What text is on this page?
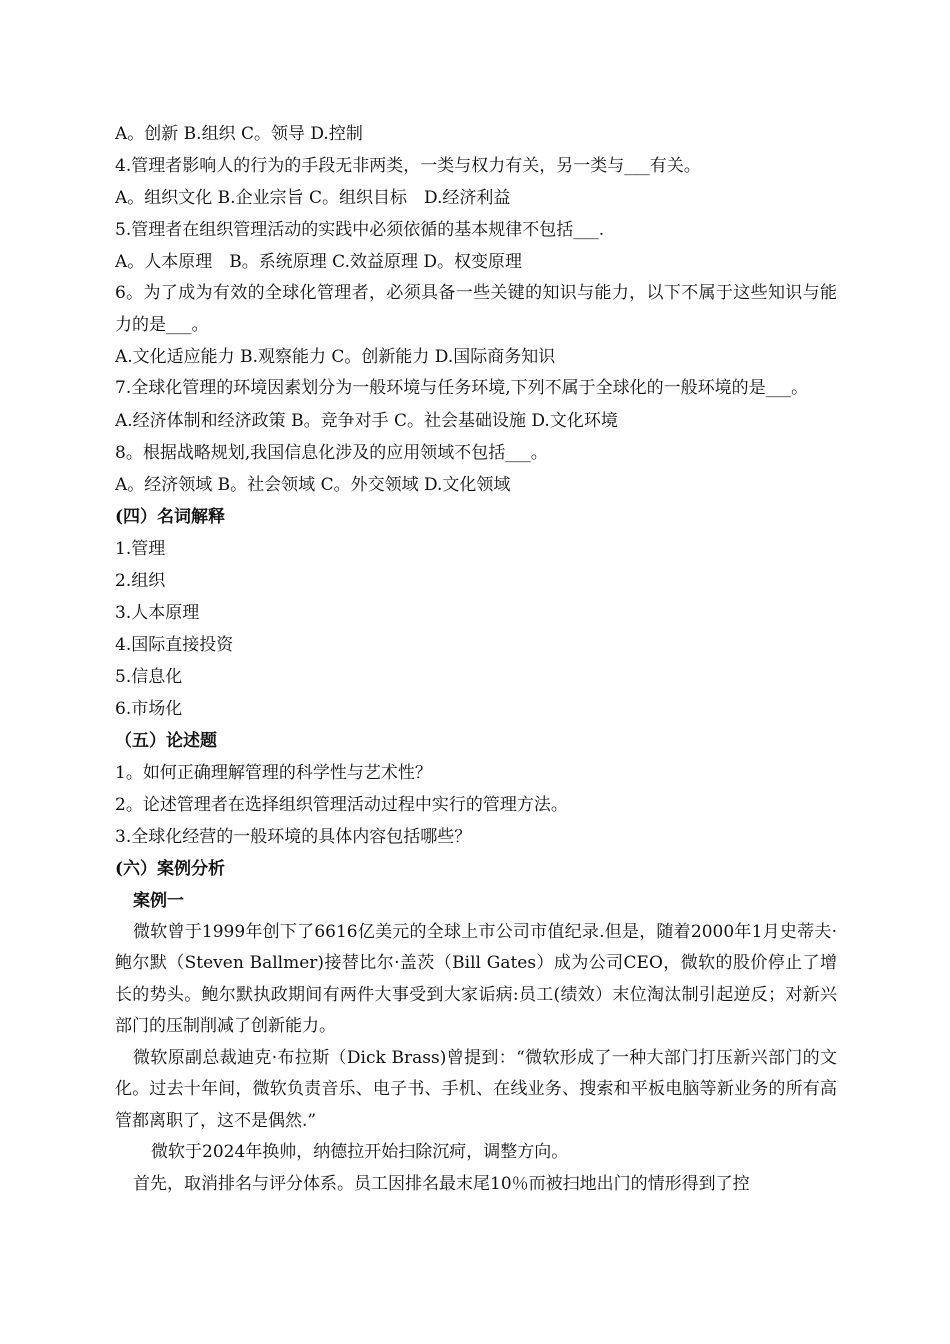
A。创新 B.组织 C。领导 D.控制
4.管理者影响人的行为的手段无非两类，一类与权力有关，另一类与___有关。
A。组织文化 B.企业宗旨 C。组织目标　D.经济利益
5.管理者在组织管理活动的实践中必须依循的基本规律不包括___.
A。人本原理　B。系统原理 C.效益原理 D。权变原理
6。为了成为有效的全球化管理者，必须具备一些关键的知识与能力，以下不属于这些知识与能力的是___。
A.文化适应能力 B.观察能力 C。创新能力 D.国际商务知识
7.全球化管理的环境因素划分为一般环境与任务环境,下列不属于全球化的一般环境的是___。
A.经济体制和经济政策 B。竞争对手 C。社会基础设施 D.文化环境
8。根据战略规划,我国信息化涉及的应用领域不包括___。
A。经济领域 B。社会领域 C。外交领域 D.文化领域
(四）名词解释
1.管理
2.组织
3.人本原理
4.国际直接投资
5.信息化
6.市场化
（五）论述题
1。如何正确理解管理的科学性与艺术性？
2。论述管理者在选择组织管理活动过程中实行的管理方法。
3.全球化经营的一般环境的具体内容包括哪些？
(六）案例分析
案例一
微软曾于1999年创下了6616亿美元的全球上市公司市值纪录.但是，随着2000年1月史蒂夫·鲍尔默（Steven Ballmer)接替比尔·盖茨（Bill Gates）成为公司CEO，微软的股价停止了增长的势头。鲍尔默执政期间有两件大事受到大家诟病:员工(绩效）末位淘汰制引起逆反；对新兴部门的压制削减了创新能力。
微软原副总裁迪克·布拉斯（Dick Brass)曾提到：“微软形成了一种大部门打压新兴部门的文化。过去十年间，微软负责音乐、电子书、手机、在线业务、搜索和平板电脑等新业务的所有高管都离职了，这不是偶然.”
微软于2024年换帅，纳德拉开始扫除沉疴，调整方向。
首先，取消排名与评分体系。员工因排名最末尾10％而被扫地出门的情形得到了控
